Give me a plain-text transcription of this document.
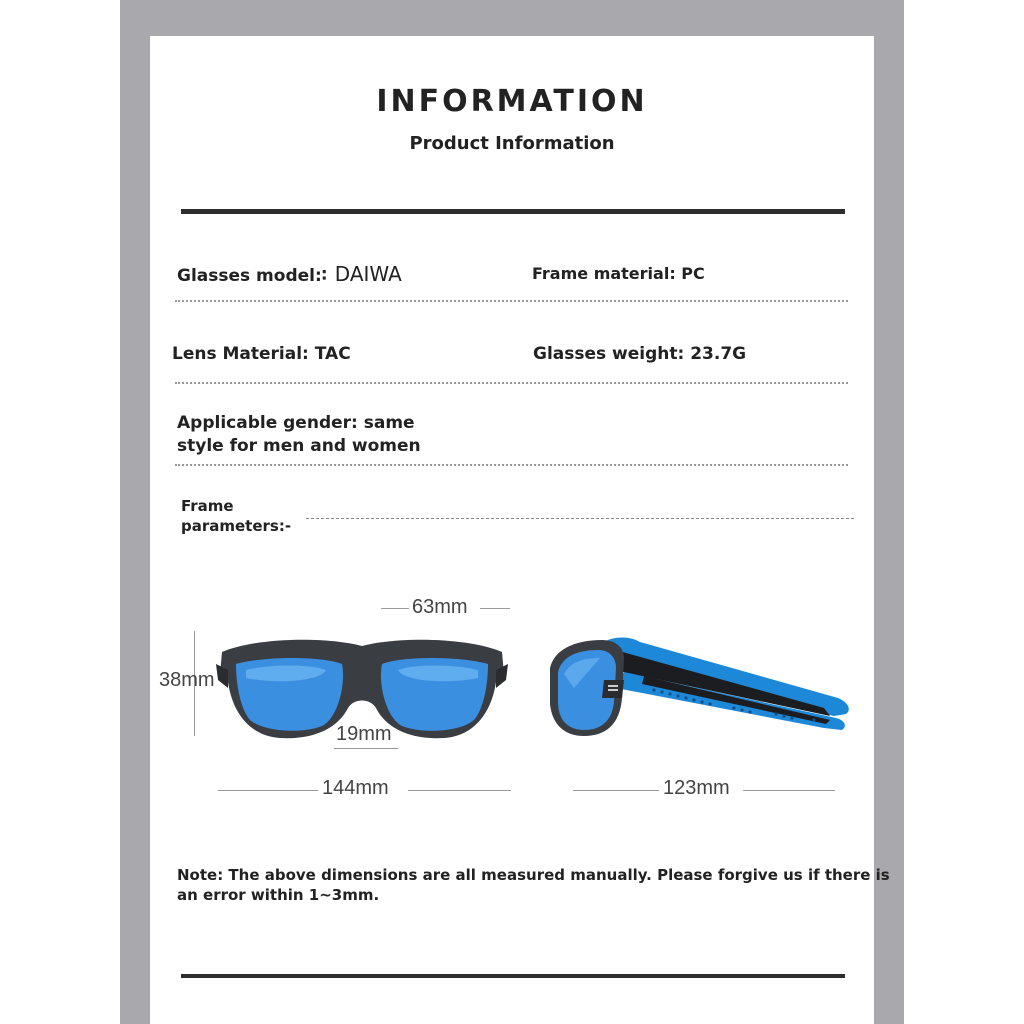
INFORMATION
Product Information
Glasses model:∶ DAIWA	Frame material: PC
Lens Material: TAC	Glasses weight: 23.7G
Applicable gender: same
style for men and women
Frame
parameters:-
63mm
38mm
19mm
144mm	123mm
Note: The above dimensions are all measured manually. Please forgive us if there is
an error within 1~3mm.
